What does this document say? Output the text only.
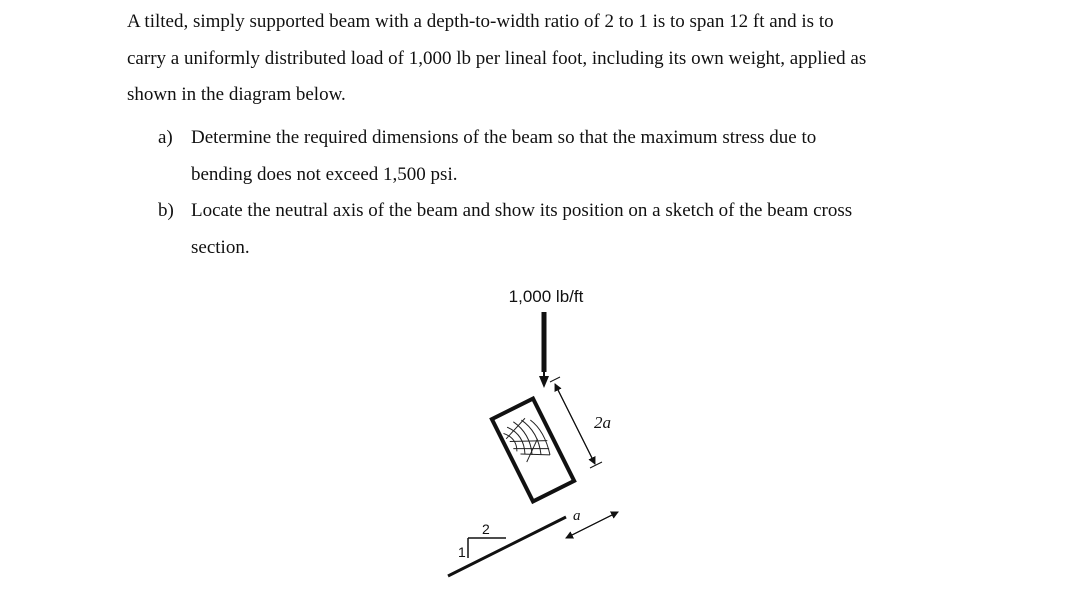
A tilted, simply supported beam with a depth-to-width ratio of 2 to 1 is to span 12 ft and is to
carry a uniformly distributed load of 1,000 lb per lineal foot, including its own weight, applied as
shown in the diagram below.
a) Determine the required dimensions of the beam so that the maximum stress due to
bending does not exceed 1,500 psi.
b) Locate the neutral axis of the beam and show its position on a sketch of the beam cross
section.
1,000 lb/ft
2a
a
2
1
